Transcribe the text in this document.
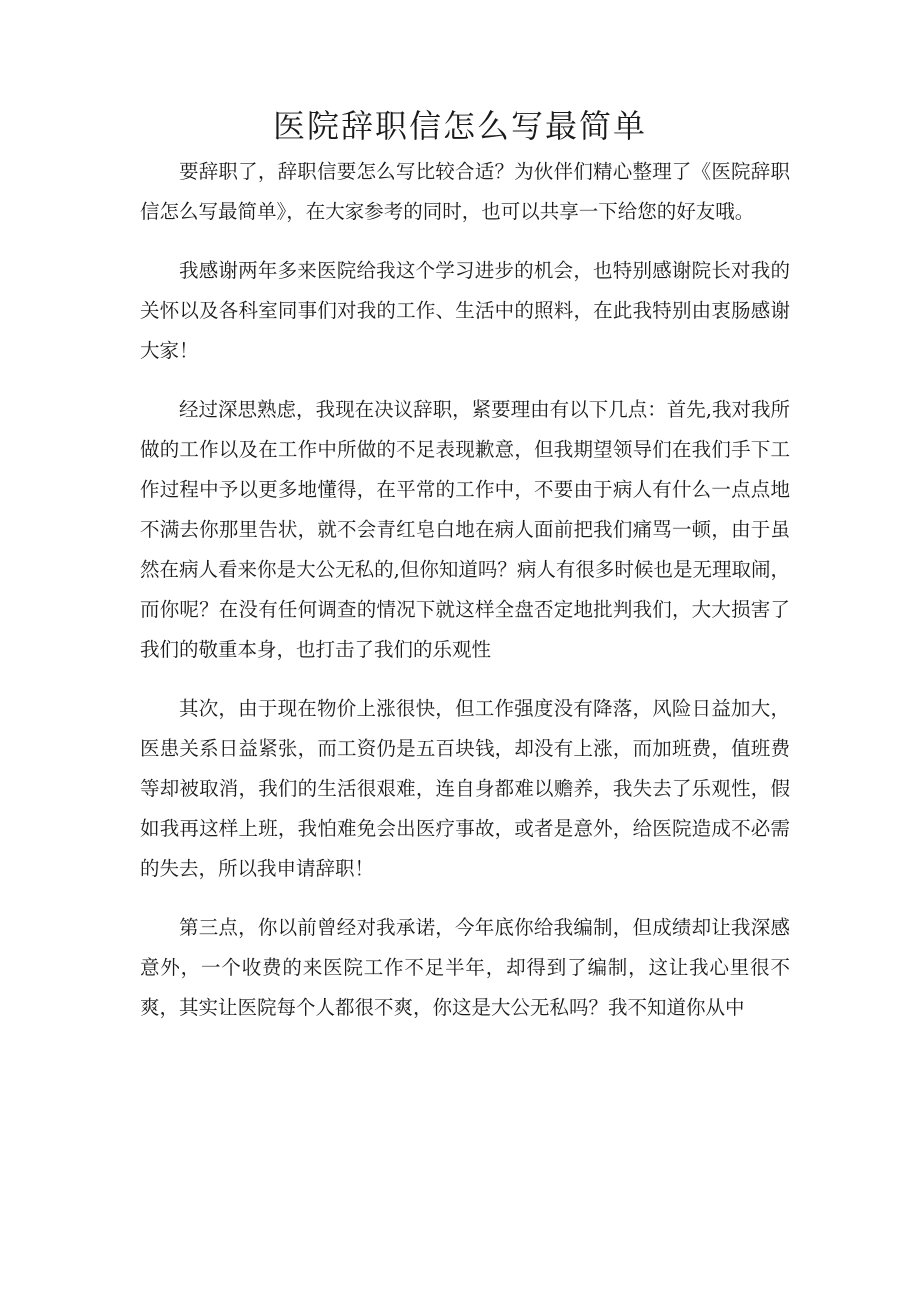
医院辞职信怎么写最简单

要辞职了，辞职信要怎么写比较合适？为伙伴们精心整理了《医院辞职信怎么写最简单》，在大家参考的同时，也可以共享一下给您的好友哦。

我感谢两年多来医院给我这个学习进步的机会，也特别感谢院长对我的关怀以及各科室同事们对我的工作、生活中的照料，在此我特别由衷肠感谢大家！

经过深思熟虑，我现在决议辞职，紧要理由有以下几点：首先,我对我所做的工作以及在工作中所做的不足表现歉意，但我期望领导们在我们手下工作过程中予以更多地懂得，在平常的工作中，不要由于病人有什么一点点地不满去你那里告状，就不会青红皂白地在病人面前把我们痛骂一顿，由于虽然在病人看来你是大公无私的,但你知道吗？病人有很多时候也是无理取闹，而你呢？在没有任何调查的情况下就这样全盘否定地批判我们，大大损害了我们的敬重本身，也打击了我们的乐观性

其次，由于现在物价上涨很快，但工作强度没有降落，风险日益加大，医患关系日益紧张，而工资仍是五百块钱，却没有上涨，而加班费，值班费等却被取消，我们的生活很艰难，连自身都难以赡养，我失去了乐观性，假如我再这样上班，我怕难免会出医疗事故，或者是意外，给医院造成不必需的失去，所以我申请辞职！

第三点，你以前曾经对我承诺，今年底你给我编制，但成绩却让我深感意外，一个收费的来医院工作不足半年，却得到了编制，这让我心里很不爽，其实让医院每个人都很不爽，你这是大公无私吗？我不知道你从中
